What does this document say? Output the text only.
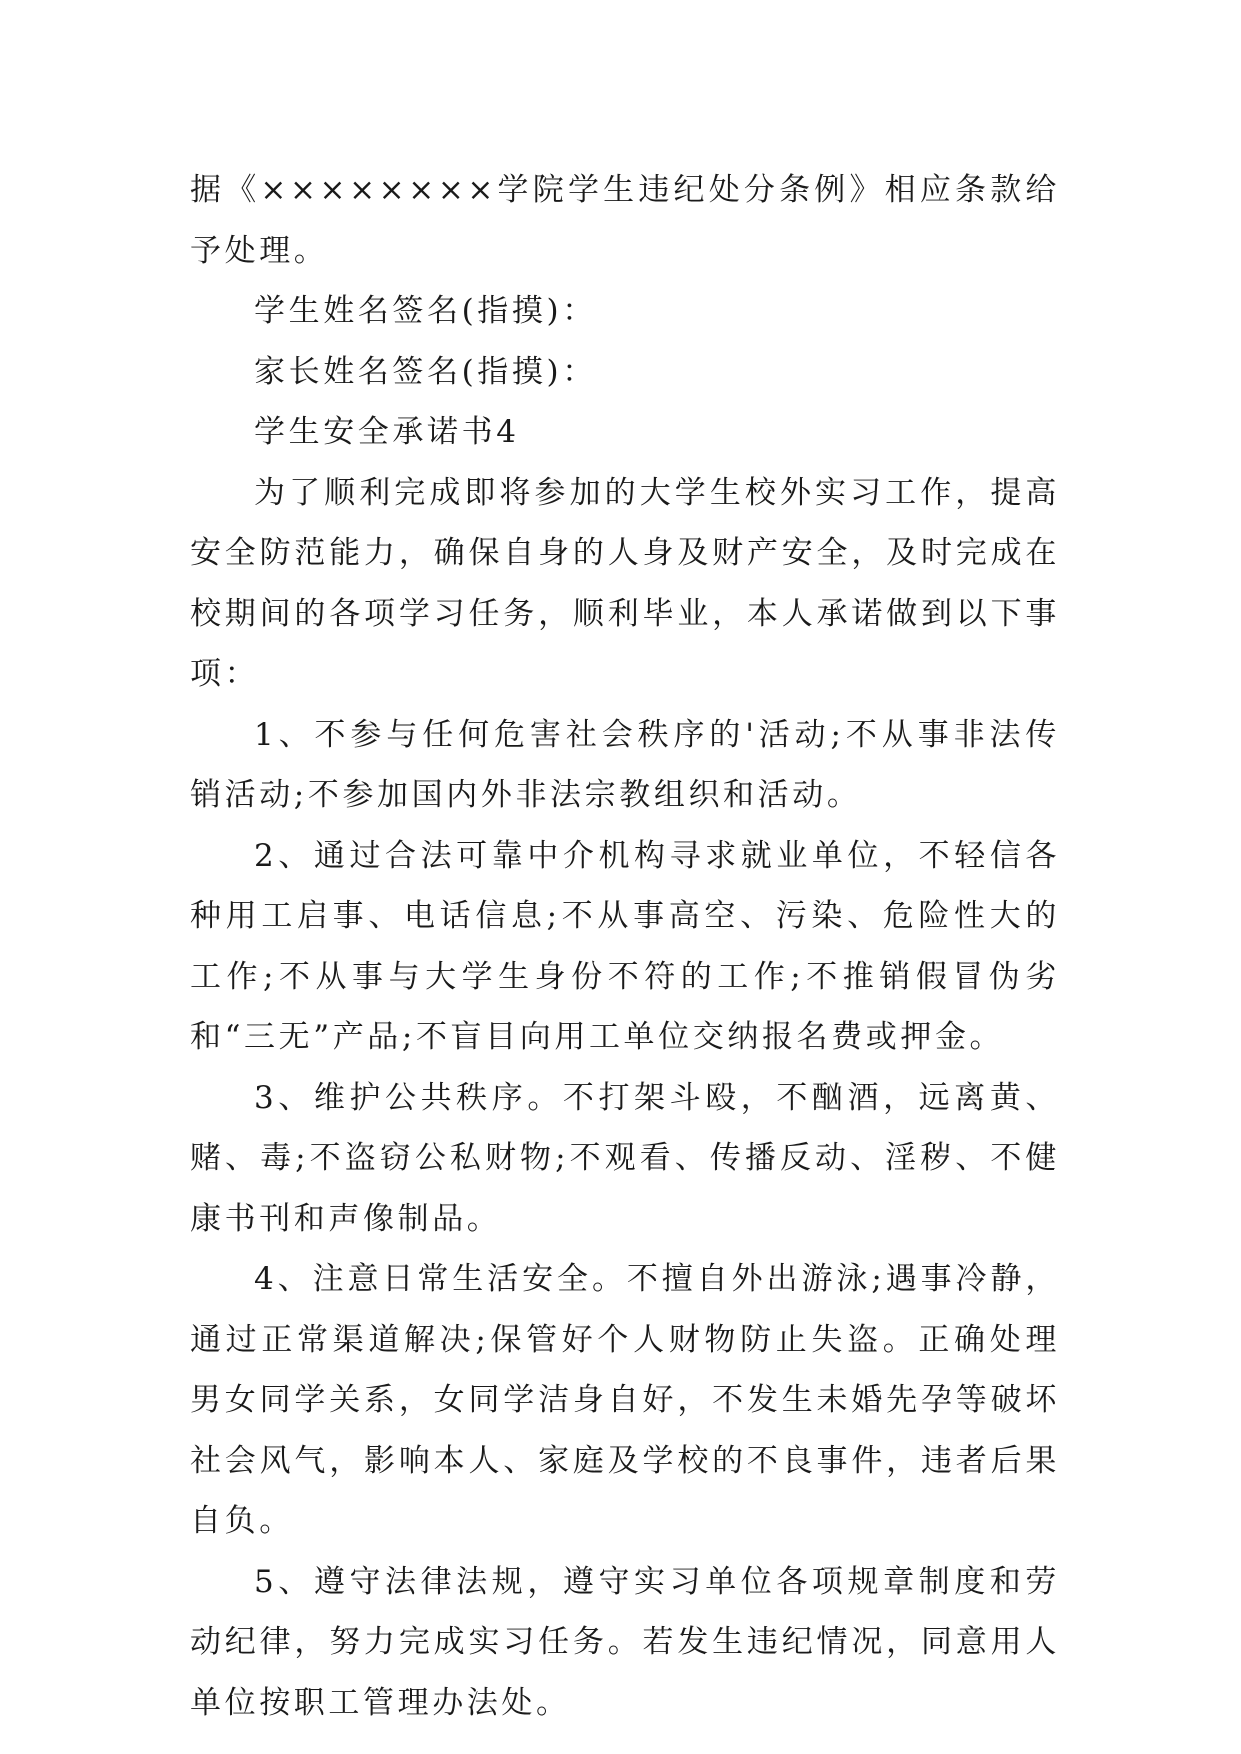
据《××××××××学院学生违纪处分条例》相应条款给予处理。

学生姓名签名(指摸)：

家长姓名签名(指摸)：

学生安全承诺书4

为了顺利完成即将参加的大学生校外实习工作，提高安全防范能力，确保自身的人身及财产安全，及时完成在校期间的各项学习任务，顺利毕业，本人承诺做到以下事项：

1、不参与任何危害社会秩序的'活动;不从事非法传销活动;不参加国内外非法宗教组织和活动。

2、通过合法可靠中介机构寻求就业单位，不轻信各种用工启事、电话信息;不从事高空、污染、危险性大的工作;不从事与大学生身份不符的工作;不推销假冒伪劣和“三无”产品;不盲目向用工单位交纳报名费或押金。

3、维护公共秩序。不打架斗殴，不酗酒，远离黄、赌、毒;不盗窃公私财物;不观看、传播反动、淫秽、不健康书刊和声像制品。

4、注意日常生活安全。不擅自外出游泳;遇事冷静，通过正常渠道解决;保管好个人财物防止失盗。正确处理男女同学关系，女同学洁身自好，不发生未婚先孕等破坏社会风气，影响本人、家庭及学校的不良事件，违者后果自负。

5、遵守法律法规，遵守实习单位各项规章制度和劳动纪律，努力完成实习任务。若发生违纪情况，同意用人单位按职工管理办法处。
